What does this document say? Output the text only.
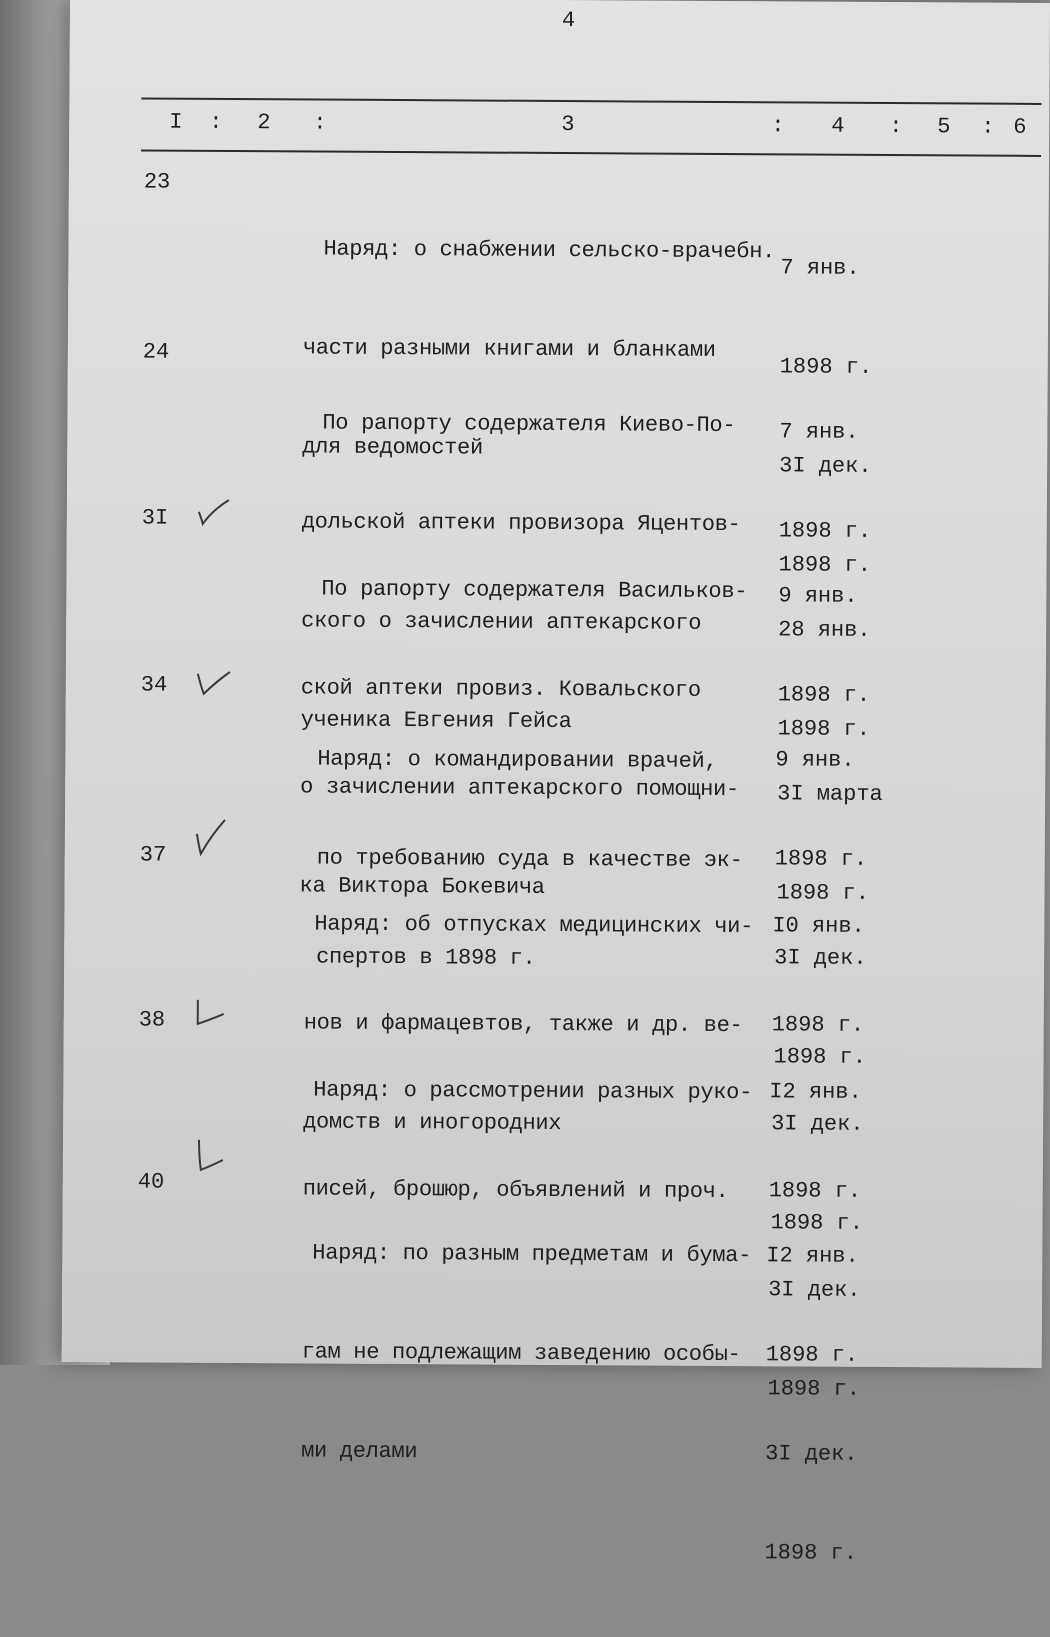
4
I : 2 :	3	: 4 : 5 : 6
23

Наряд: о снабжении сельско-врачебн.

части разными книгами и бланками

для ведомостей

7 янв.

1898 г.

3I дек.

1898 г.

24

По рапорту содержателя Киево-По-

дольской аптеки провизора Яцентов-

ского о зачислении аптекарского

ученика Евгения Гейса

7 янв.

1898 г.

28 янв.

1898 г.

3I

По рапорту содержателя Васильков-

ской аптеки провиз. Ковальского

о зачислении аптекарского помощни-

ка Виктора Бокевича

9 янв.

1898 г.

3I марта

1898 г.

34

Наряд: о командировании врачей,

по требованию суда в качестве эк-

спертов в 1898 г.

9 янв.

1898 г.

3I дек.

1898 г.

37

Наряд: об отпусках медицинских чи-

нов и фармацевтов, также и др. ве-

домств и иногородних

I0 янв.

1898 г.

3I дек.

1898 г.

38

Наряд: о рассмотрении разных руко-

писей, брошюр, объявлений и проч.

I2 янв.

1898 г.

3I дек.

1898 г.

40

Наряд: по разным предметам и бума-

гам не подлежащим заведению особы-

ми делами

I2 янв.

1898 г.

3I дек.

1898 г.
